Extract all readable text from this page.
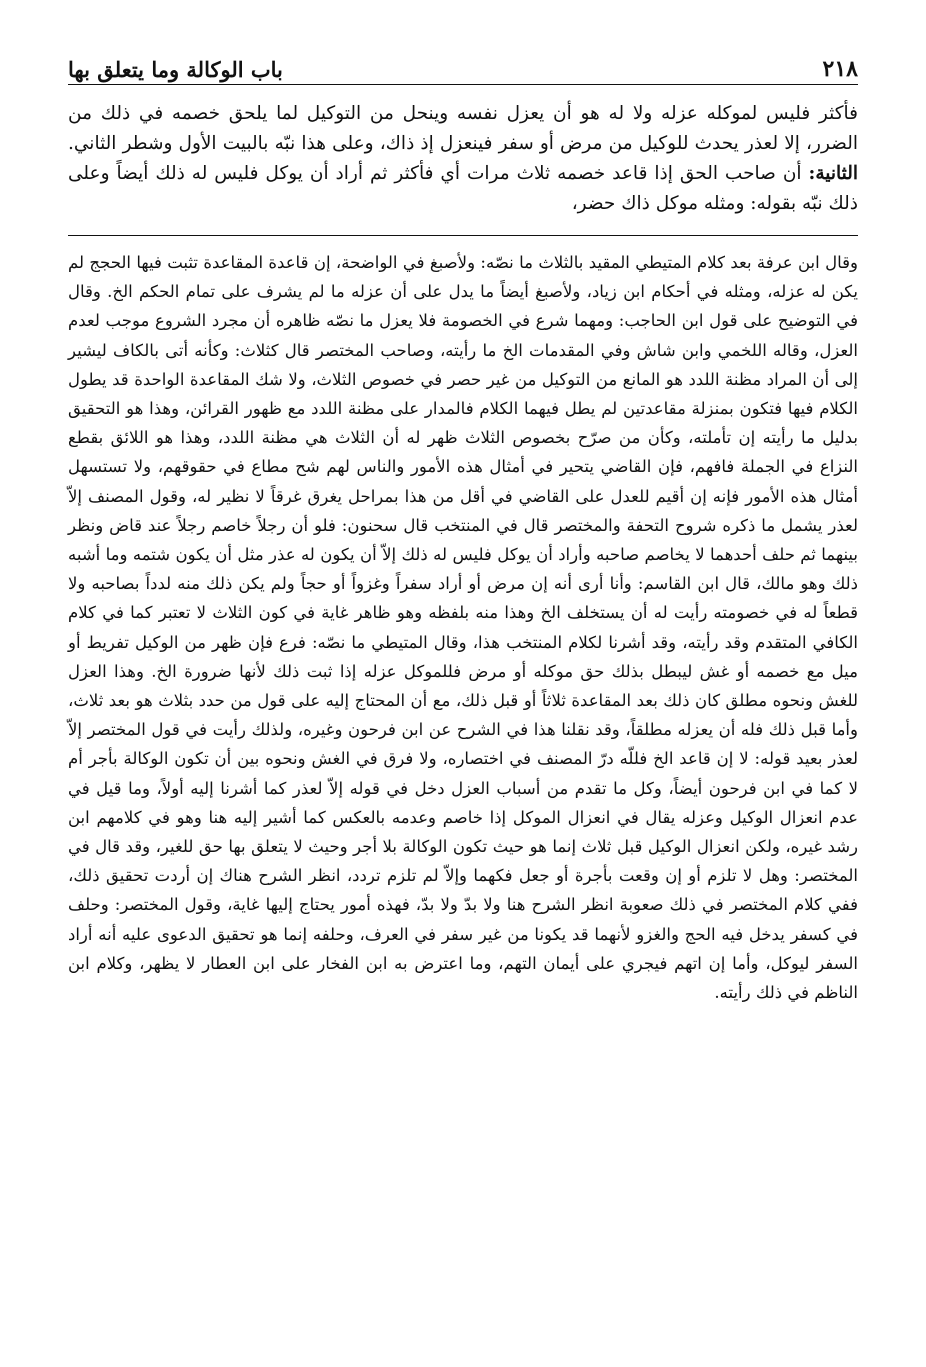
٢١٨
باب الوكالة وما يتعلق بها
فأكثر فليس لموكله عزله ولا له هو أن يعزل نفسه وينحل من التوكيل لما يلحق خصمه في ذلك من الضرر، إلا لعذر يحدث للوكيل من مرض أو سفر فينعزل إذ ذاك، وعلى هذا نبّه بالبيت الأول وشطر الثاني. الثانية: أن صاحب الحق إذا قاعد خصمه ثلاث مرات أي فأكثر ثم أراد أن يوكل فليس له ذلك أيضاً وعلى ذلك نبّه بقوله: ومثله موكل ذاك حضر،

وقال ابن عرفة بعد كلام المتيطي المقيد بالثلاث ما نصّه: ولأصبغ في الواضحة، إن قاعدة المقاعدة تثبت فيها الحجج لم يكن له عزله، ومثله في أحكام ابن زياد، ولأصبغ أيضاً ما يدل على أن عزله ما لم يشرف على تمام الحكم الخ. وقال في التوضيح على قول ابن الحاجب: ومهما شرع في الخصومة فلا يعزل ما نصّه ظاهره أن مجرد الشروع موجب لعدم العزل، وقاله اللخمي وابن شاش وفي المقدمات الخ ما رأيته، وصاحب المختصر قال كثلاث: وكأنه أتى بالكاف ليشير إلى أن المراد مظنة اللدد هو المانع من التوكيل من غير حصر في خصوص الثلاث، ولا شك المقاعدة الواحدة قد يطول الكلام فيها فتكون بمنزلة مقاعدتين لم يطل فيهما الكلام فالمدار على مظنة اللدد مع ظهور القرائن، وهذا هو التحقيق بدليل ما رأيته إن تأملته، وكأن من صرّح بخصوص الثلاث ظهر له أن الثلاث هي مظنة اللدد، وهذا هو اللائق بقطع النزاع في الجملة فافهم، فإن القاضي يتحير في أمثال هذه الأمور والناس لهم شح مطاع في حقوقهم، ولا تستسهل أمثال هذه الأمور فإنه إن أقيم للعدل على القاضي في أقل من هذا بمراحل يغرق غرقاً لا نظير له، وقول المصنف إلاّ لعذر يشمل ما ذكره شروح التحفة والمختصر قال في المنتخب قال سحنون: فلو أن رجلاً خاصم رجلاً عند قاض ونظر بينهما ثم حلف أحدهما لا يخاصم صاحبه وأراد أن يوكل فليس له ذلك إلاّ أن يكون له عذر مثل أن يكون شتمه وما أشبه ذلك وهو مالك، قال ابن القاسم: وأنا أرى أنه إن مرض أو أراد سفراً وغزواً أو حجاً ولم يكن ذلك منه لدداً بصاحبه ولا قطعاً له في خصومته رأيت له أن يستخلف الخ وهذا منه بلفظه وهو ظاهر غاية في كون الثلاث لا تعتبر كما في كلام الكافي المتقدم وقد رأيته، وقد أشرنا لكلام المنتخب هذا، وقال المتيطي ما نصّه: فرع فإن ظهر من الوكيل تفريط أو ميل مع خصمه أو غش ليبطل بذلك حق موكله أو مرض فللموكل عزله إذا ثبت ذلك لأنها ضرورة الخ. وهذا العزل للغش ونحوه مطلق كان ذلك بعد المقاعدة ثلاثاً أو قبل ذلك، مع أن المحتاج إليه على قول من حدد بثلاث هو بعد ثلاث، وأما قبل ذلك فله أن يعزله مطلقاً، وقد نقلنا هذا في الشرح عن ابن فرحون وغيره، ولذلك رأيت في قول المختصر إلاّ لعذر بعيد قوله: لا إن قاعد الخ فللّه درّ المصنف في اختصاره، ولا فرق في الغش ونحوه بين أن تكون الوكالة بأجر أم لا كما في ابن فرحون أيضاً، وكل ما تقدم من أسباب العزل دخل في قوله إلاّ لعذر كما أشرنا إليه أولاً، وما قيل في عدم انعزال الوكيل وعزله يقال في انعزال الموكل إذا خاصم وعدمه بالعكس كما أشير إليه هنا وهو في كلامهم ابن رشد غيره، ولكن انعزال الوكيل قبل ثلاث إنما هو حيث تكون الوكالة بلا أجر وحيث لا يتعلق بها حق للغير، وقد قال في المختصر: وهل لا تلزم أو إن وقعت بأجرة أو جعل فكهما وإلاّ لم تلزم تردد، انظر الشرح هناك إن أردت تحقيق ذلك، ففي كلام المختصر في ذلك صعوبة انظر الشرح هنا ولا بدّ ولا بدّ، فهذه أمور يحتاج إليها غاية، وقول المختصر: وحلف في كسفر يدخل فيه الحج والغزو لأنهما قد يكونا من غير سفر في العرف، وحلفه إنما هو تحقيق الدعوى عليه أنه أراد السفر ليوكل، وأما إن اتهم فيجري على أيمان التهم، وما اعترض به ابن الفخار على ابن العطار لا يظهر، وكلام ابن الناظم في ذلك رأيته.
